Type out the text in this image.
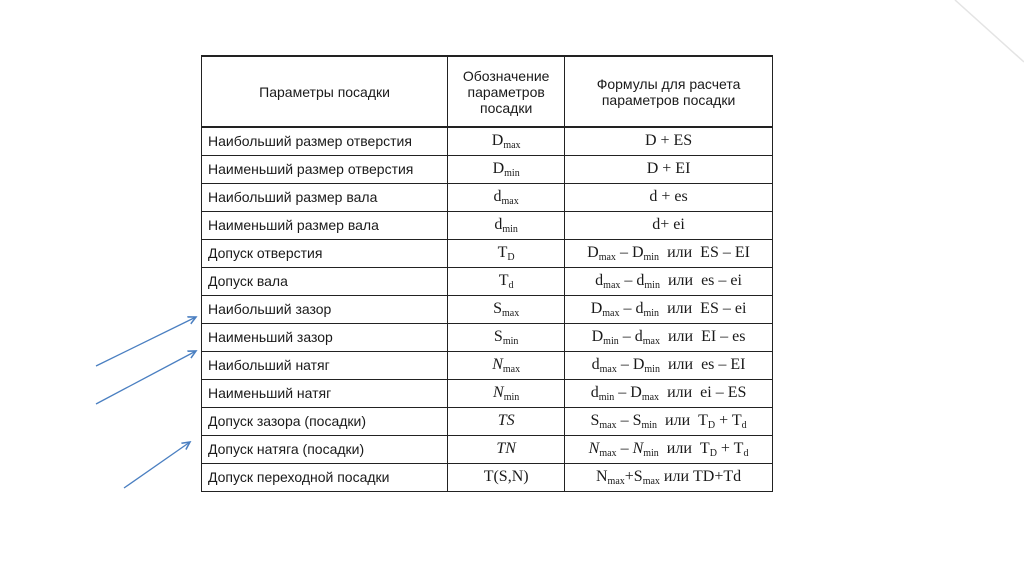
Параметры посадки	Обозначение параметров посадки	Формулы для расчета параметров посадки
Наибольший размер отверстия	$D_{max}$	D + ES
Наименьший размер отверстия	$D_{min}$	D + EI
Наибольший размер вала	$d_{max}$	d + es
Наименьший размер вала	$d_{min}$	d+ ei
Допуск отверстия	$T_D$	$D_{max} - D_{min}$  или  ES – EI
Допуск вала	$T_d$	$d_{max} - d_{min}$  или  es – ei
Наибольший зазор	$S_{max}$	$D_{max} - d_{min}$  или  ES – ei
Наименьший зазор	$S_{min}$	$D_{min} - d_{max}$  или  EI – es
Наибольший натяг	$N_{max}$	$d_{max} - D_{min}$  или  es – EI
Наименьший натяг	$N_{min}$	$d_{min} - D_{max}$  или  ei – ES
Допуск зазора (посадки)	TS	$S_{max} - S_{min}$  или  $T_D + T_d$
Допуск натяга (посадки)	TN	$N_{max} - N_{min}$  или  $T_D + T_d$
Допуск переходной посадки	T(S,N)	$N_{max}+S_{max}$ или TD+Td
